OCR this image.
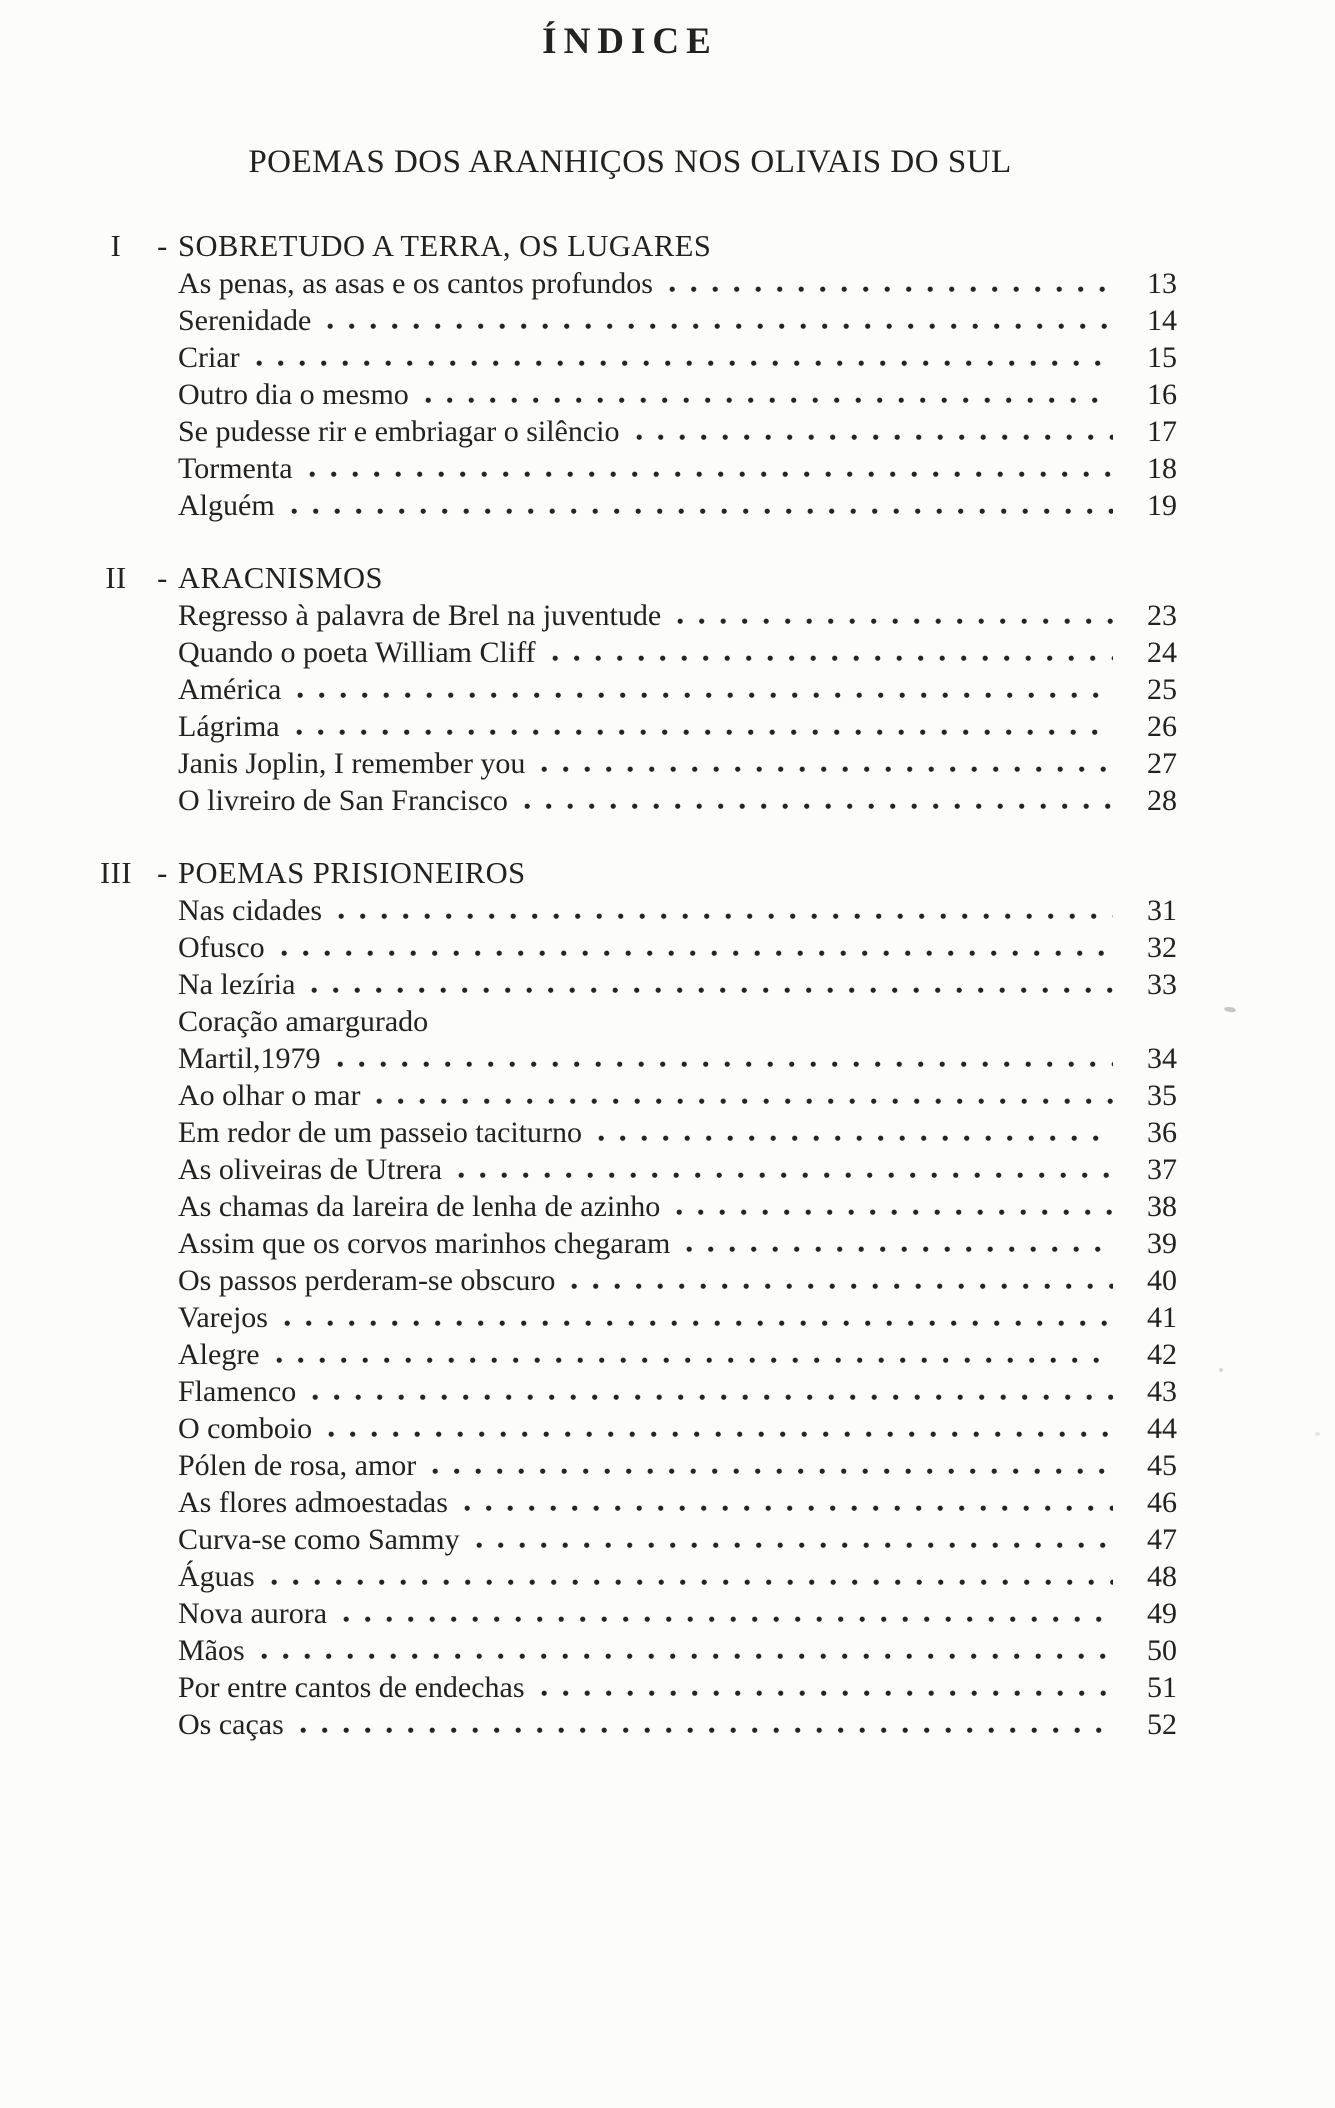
ÍNDICE
POEMAS DOS ARANHIÇOS NOS OLIVAIS DO SUL
I	- SOBRETUDO A TERRA, OS LUGARES
As penas, as asas e os cantos profundos	13
Serenidade	14
Criar	15
Outro dia o mesmo	16
Se pudesse rir e embriagar o silêncio	17
Tormenta	18
Alguém	19
II	- ARACNISMOS
Regresso à palavra de Brel na juventude	23
Quando o poeta William Cliff	24
América	25
Lágrima	26
Janis Joplin, I remember you	27
O livreiro de San Francisco	28
III - POEMAS PRISIONEIROS
Nas cidades	31
Ofusco	32
Na lezíria	33
Coração amargurado
Martil,1979	34
Ao olhar o mar	35
Em redor de um passeio taciturno	36
As oliveiras de Utrera	37
As chamas da lareira de lenha de azinho	38
Assim que os corvos marinhos chegaram	39
Os passos perderam-se obscuro	40
Varejos	41
Alegre	42
Flamenco	43
O comboio	44
Pólen de rosa, amor	45
As flores admoestadas	46
Curva-se como Sammy	47
Águas	48
Nova aurora	49
Mãos	50
Por entre cantos de endechas	51
Os caças	52
